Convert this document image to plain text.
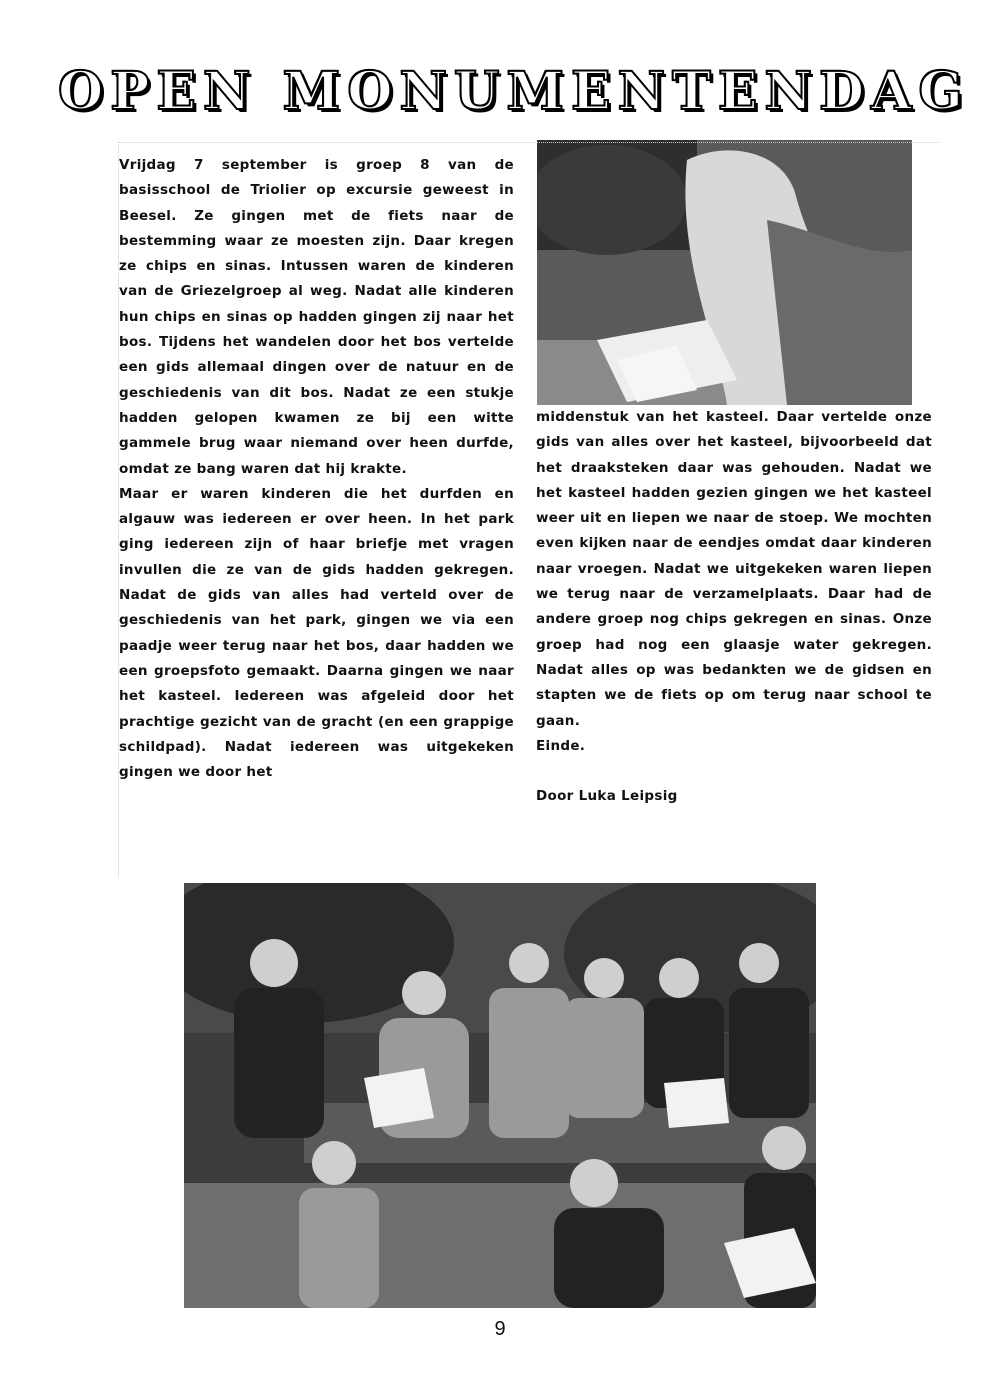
OPEN MONUMENTENDAG

Vrijdag 7 september is groep 8 van de basisschool de Triolier op excursie geweest in Beesel. Ze gingen met de fiets naar de bestemming waar ze moesten zijn. Daar kregen ze chips en sinas. Intussen waren de kinderen van de Griezelgroep al weg. Nadat alle kinderen hun chips en sinas op hadden gingen zij naar het bos. Tijdens het wandelen door het bos vertelde een gids allemaal dingen over de natuur en de geschiedenis van dit bos. Nadat ze een stukje hadden gelopen kwamen ze bij een witte gammele brug waar niemand over heen durfde, omdat ze bang waren dat hij krakte.

Maar er waren kinderen die het durfden en algauw was iedereen er over heen. In het park ging iedereen zijn of haar briefje met vragen invullen die ze van de gids hadden gekregen. Nadat de gids van alles had verteld over de geschiedenis van het park, gingen we via een paadje weer terug naar het bos, daar hadden we een groepsfoto gemaakt. Daarna gingen we naar het kasteel. Iedereen was afgeleid door het prachtige gezicht van de gracht (en een grappige schildpad). Nadat iedereen was uitgekeken gingen we door het

middenstuk van het kasteel. Daar vertelde onze gids van alles over het kasteel, bijvoorbeeld dat het draaksteken daar was gehouden. Nadat we het kasteel hadden gezien gingen we het kasteel weer uit en liepen we naar de stoep. We mochten even kijken naar de eendjes omdat daar kinderen naar vroegen. Nadat we uitgekeken waren liepen we terug naar de verzamelplaats. Daar had de andere groep nog chips gekregen en sinas. Onze groep had nog een glaasje water gekregen. Nadat alles op was bedankten we de gidsen en stapten we de fiets op om terug naar school te gaan.

Einde.

Door Luka Leipsig

9
